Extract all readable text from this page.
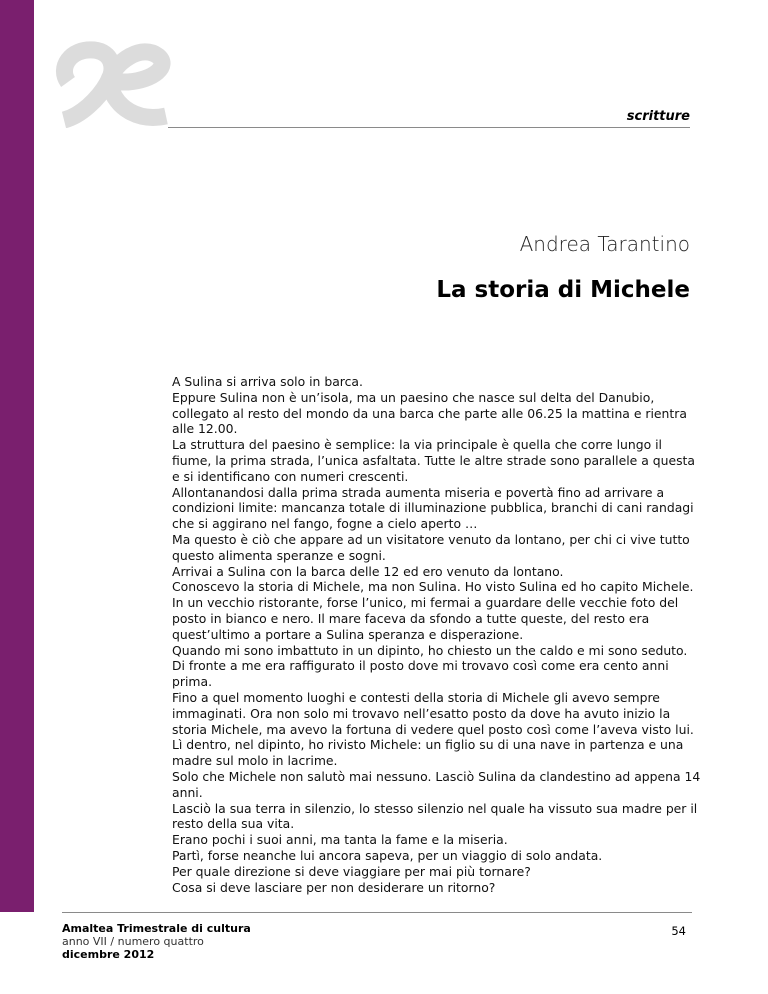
scritture
Andrea Tarantino
La storia di Michele

A Sulina si arriva solo in barca.

Eppure Sulina non è un’isola, ma un paesino che nasce sul delta del Danubio, collegato al resto del mondo da una barca che parte alle 06.25 la mattina e rientra alle 12.00.

La struttura del paesino è semplice: la via principale è quella che corre lungo il fiume, la prima strada, l’unica asfaltata. Tutte le altre strade sono parallele a questa e si identificano con numeri crescenti.

Allontanandosi dalla prima strada aumenta miseria e povertà fino ad arrivare a condizioni limite: mancanza totale di illuminazione pubblica, branchi di cani randagi che si aggirano nel fango, fogne a cielo aperto …

Ma questo è ciò che appare ad un visitatore venuto da lontano, per chi ci vive tutto questo alimenta speranze e sogni.

Arrivai a Sulina con la barca delle 12 ed ero venuto da lontano.

Conoscevo la storia di Michele, ma non Sulina. Ho visto Sulina ed ho capito Michele.

In un vecchio ristorante, forse l’unico, mi fermai a guardare delle vecchie foto del posto in bianco e nero. Il mare faceva da sfondo a tutte queste, del resto era quest’ultimo a portare a Sulina speranza e disperazione.

Quando mi sono imbattuto in un dipinto, ho chiesto un the caldo e mi sono seduto.

Di fronte a me era raffigurato il posto dove mi trovavo così come era cento anni prima.

Fino a quel momento luoghi e contesti della storia di Michele gli avevo sempre immaginati. Ora non solo mi trovavo nell’esatto posto da dove ha avuto inizio la storia Michele, ma avevo la fortuna di vedere quel posto così come l’aveva visto lui.

Lì dentro, nel dipinto, ho rivisto Michele: un figlio su di una nave in partenza e una madre sul molo in lacrime.

Solo che Michele non salutò mai nessuno. Lasciò Sulina da clandestino ad appena 14 anni.

Lasciò la sua terra in silenzio, lo stesso silenzio nel quale ha vissuto sua madre per il resto della sua vita.

Erano pochi i suoi anni, ma tanta la fame e la miseria.

Partì, forse neanche lui ancora sapeva, per un viaggio di solo andata.

Per quale direzione si deve viaggiare per mai più tornare?

Cosa si deve lasciare per non desiderare un ritorno?

Amaltea Trimestrale di cultura
anno VII / numero quattro
dicembre 2012
54
